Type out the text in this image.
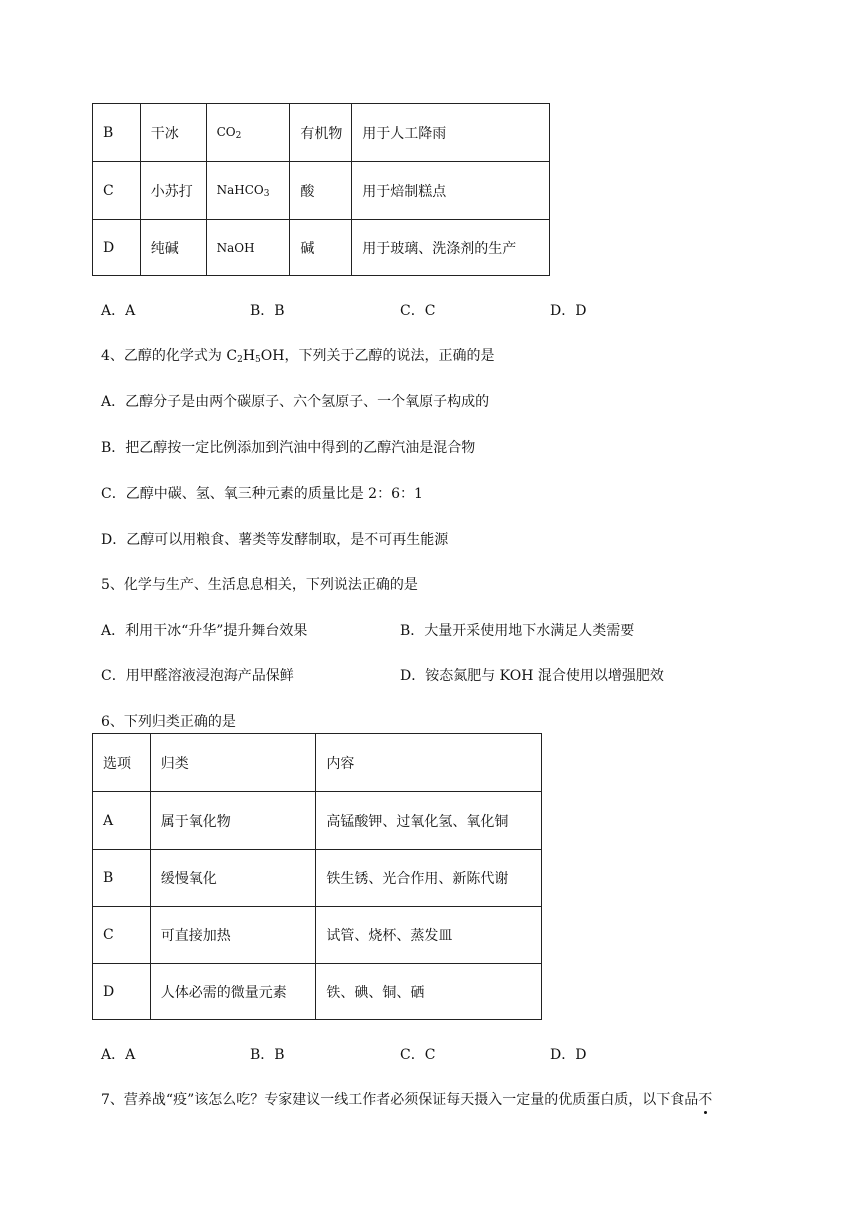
B	干冰	$CO_2$	有机物	用于人工降雨
C	小苏打	NaHCO$_3$	酸	用于焙制糕点
D	纯碱	NaOH	碱	用于玻璃、洗涤剂的生产
A．A	B．B	C．C	D．D
4、乙醇的化学式为 $C_2H_5OH$，下列关于乙醇的说法，正确的是
A．乙醇分子是由两个碳原子、六个氢原子、一个氧原子构成的
B．把乙醇按一定比例添加到汽油中得到的乙醇汽油是混合物
C．乙醇中碳、氢、氧三种元素的质量比是 2：6：1
D．乙醇可以用粮食、薯类等发酵制取，是不可再生能源
5、化学与生产、生活息息相关，下列说法正确的是
A．利用干冰“升华”提升舞台效果	B．大量开采使用地下水满足人类需要
C．用甲醛溶液浸泡海产品保鲜	D．铵态氮肥与 KOH 混合使用以增强肥效
6、下列归类正确的是
选项	归类	内容
A	属于氧化物	高锰酸钾、过氧化氢、氧化铜
B	缓慢氧化	铁生锈、光合作用、新陈代谢
C	可直接加热	试管、烧杯、蒸发皿
D	人体必需的微量元素	铁、碘、铜、硒
A．A	B．B	C．C	D．D
7、营养战“疫”该怎么吃？专家建议一线工作者必须保证每天摄入一定量的优质蛋白质，以下食品不
